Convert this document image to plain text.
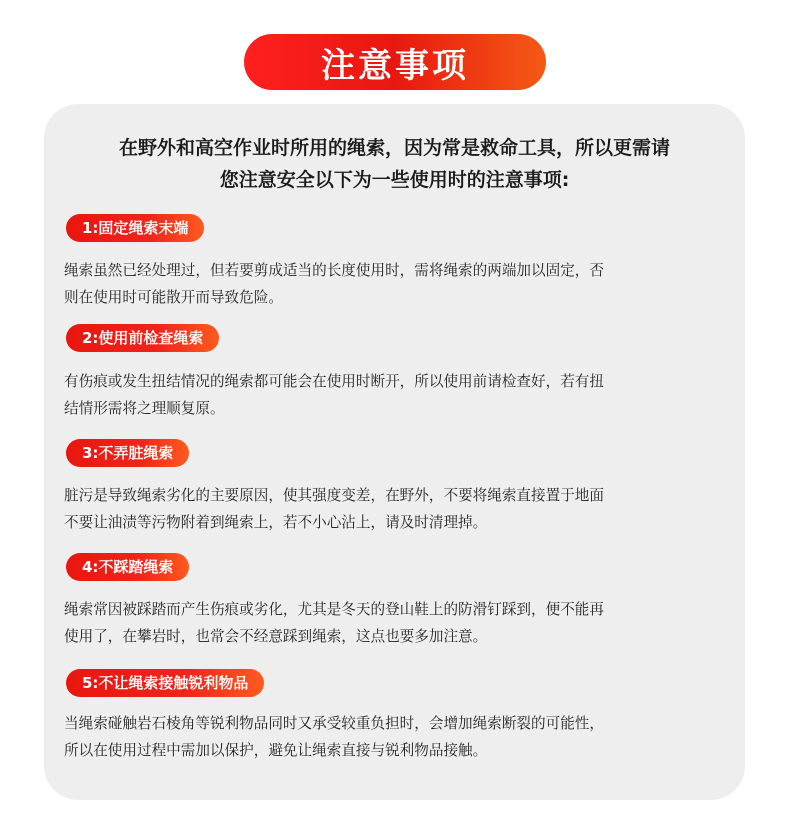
注意事项
在野外和高空作业时所用的绳索，因为常是救命工具，所以更需请
您注意安全以下为一些使用时的注意事项:
1:固定绳索末端
绳索虽然已经处理过，但若要剪成适当的长度使用时，需将绳索的两端加以固定，否
则在使用时可能散开而导致危险。
2:使用前检查绳索
有伤痕或发生扭结情况的绳索都可能会在使用时断开，所以使用前请检查好，若有扭
结情形需将之理顺复原。
3:不弄脏绳索
脏污是导致绳索劣化的主要原因，使其强度变差，在野外，不要将绳索直接置于地面
不要让油渍等污物附着到绳索上，若不小心沾上，请及时清理掉。
4:不踩踏绳索
绳索常因被踩踏而产生伤痕或劣化，尤其是冬天的登山鞋上的防滑钉踩到，便不能再
使用了，在攀岩时，也常会不经意踩到绳索，这点也要多加注意。
5:不让绳索接触锐利物品
当绳索碰触岩石棱角等锐利物品同时又承受较重负担时，会增加绳索断裂的可能性，
所以在使用过程中需加以保护，避免让绳索直接与锐利物品接触。
